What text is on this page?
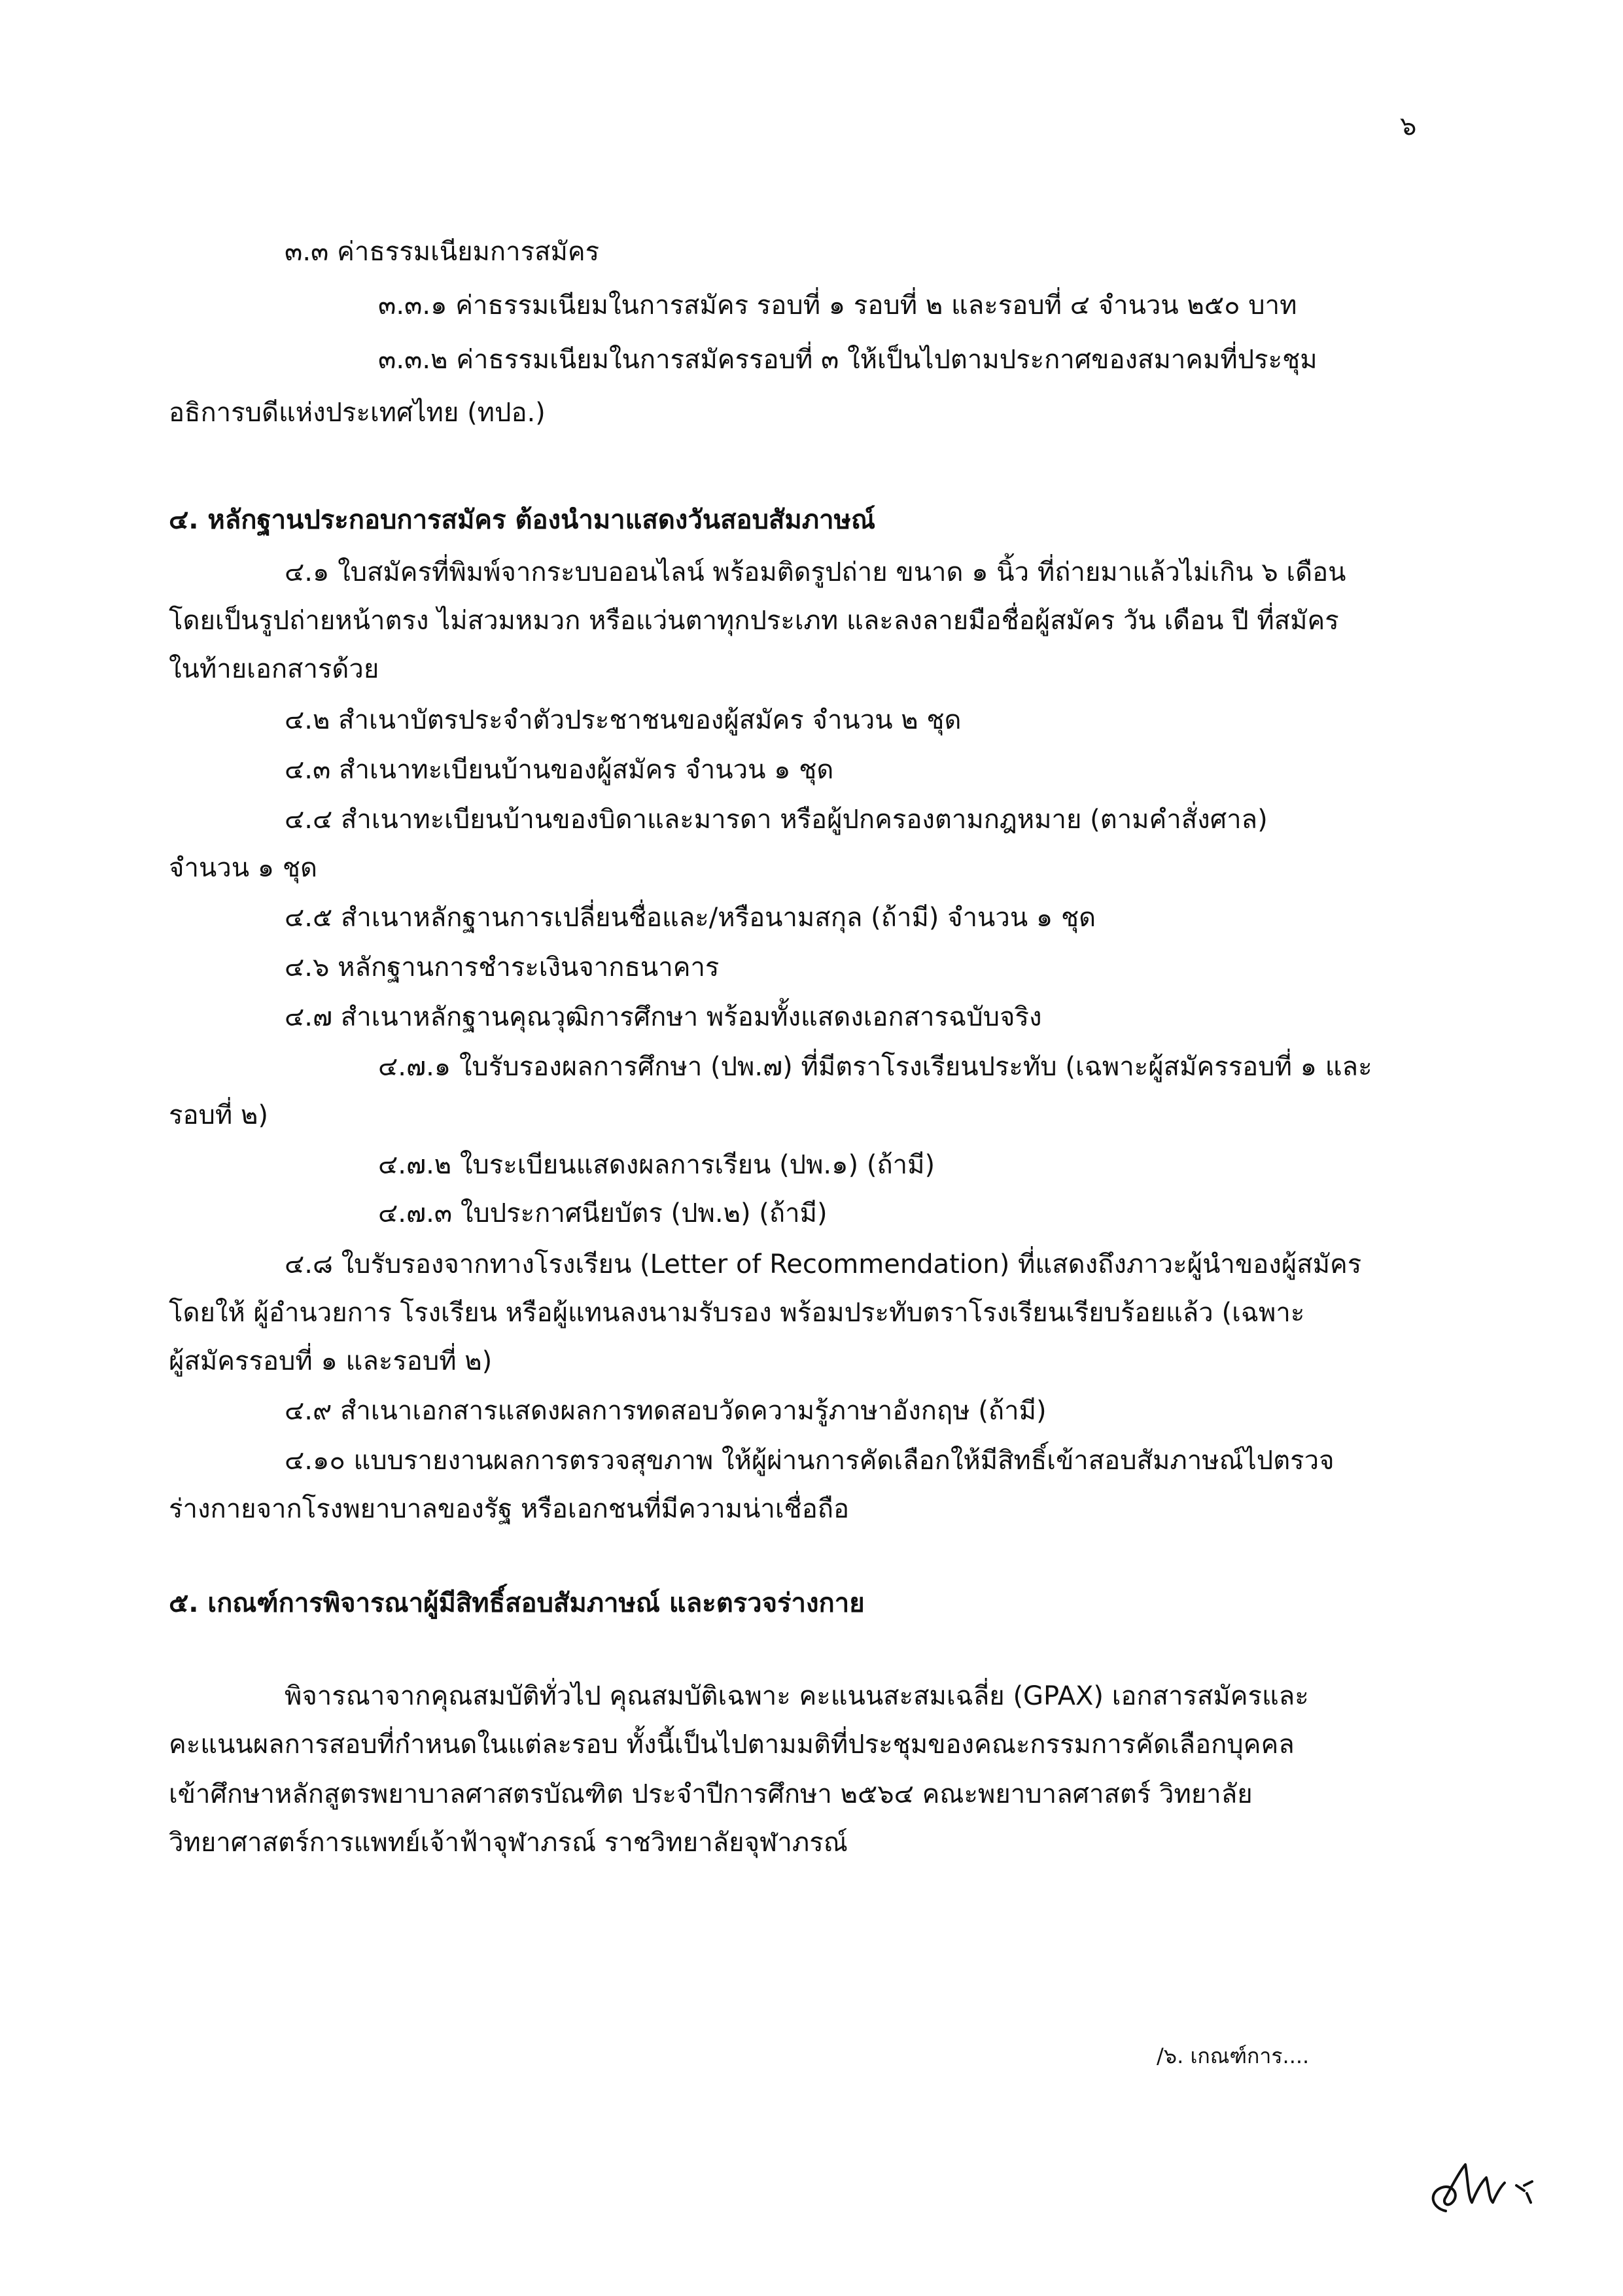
๖
๓.๓ ค่าธรรมเนียมการสมัคร
๓.๓.๑ ค่าธรรมเนียมในการสมัคร รอบที่ ๑ รอบที่ ๒ และรอบที่ ๔ จำนวน ๒๕๐ บาท
๓.๓.๒ ค่าธรรมเนียมในการสมัครรอบที่ ๓ ให้เป็นไปตามประกาศของสมาคมที่ประชุม
อธิการบดีแห่งประเทศไทย (ทปอ.)
๔. หลักฐานประกอบการสมัคร ต้องนำมาแสดงวันสอบสัมภาษณ์
๔.๑ ใบสมัครที่พิมพ์จากระบบออนไลน์ พร้อมติดรูปถ่าย ขนาด ๑ นิ้ว ที่ถ่ายมาแล้วไม่เกิน ๖ เดือน
โดยเป็นรูปถ่ายหน้าตรง ไม่สวมหมวก หรือแว่นตาทุกประเภท และลงลายมือชื่อผู้สมัคร วัน เดือน ปี ที่สมัคร
ในท้ายเอกสารด้วย
๔.๒ สำเนาบัตรประจำตัวประชาชนของผู้สมัคร จำนวน ๒ ชุด
๔.๓ สำเนาทะเบียนบ้านของผู้สมัคร จำนวน ๑ ชุด
๔.๔ สำเนาทะเบียนบ้านของบิดาและมารดา หรือผู้ปกครองตามกฎหมาย (ตามคำสั่งศาล)
จำนวน ๑ ชุด
๔.๕ สำเนาหลักฐานการเปลี่ยนชื่อและ/หรือนามสกุล (ถ้ามี) จำนวน ๑ ชุด
๔.๖ หลักฐานการชำระเงินจากธนาคาร
๔.๗ สำเนาหลักฐานคุณวุฒิการศึกษา พร้อมทั้งแสดงเอกสารฉบับจริง
๔.๗.๑ ใบรับรองผลการศึกษา (ปพ.๗) ที่มีตราโรงเรียนประทับ (เฉพาะผู้สมัครรอบที่ ๑ และ
รอบที่ ๒)
๔.๗.๒ ใบระเบียนแสดงผลการเรียน (ปพ.๑) (ถ้ามี)
๔.๗.๓ ใบประกาศนียบัตร (ปพ.๒) (ถ้ามี)
๔.๘ ใบรับรองจากทางโรงเรียน (Letter of Recommendation) ที่แสดงถึงภาวะผู้นำของผู้สมัคร
โดยให้ ผู้อำนวยการ โรงเรียน หรือผู้แทนลงนามรับรอง พร้อมประทับตราโรงเรียนเรียบร้อยแล้ว (เฉพาะ
ผู้สมัครรอบที่ ๑ และรอบที่ ๒)
๔.๙ สำเนาเอกสารแสดงผลการทดสอบวัดความรู้ภาษาอังกฤษ (ถ้ามี)
๔.๑๐ แบบรายงานผลการตรวจสุขภาพ ให้ผู้ผ่านการคัดเลือกให้มีสิทธิ์เข้าสอบสัมภาษณ์ไปตรวจ
ร่างกายจากโรงพยาบาลของรัฐ หรือเอกชนที่มีความน่าเชื่อถือ
๕. เกณฑ์การพิจารณาผู้มีสิทธิ์สอบสัมภาษณ์ และตรวจร่างกาย
พิจารณาจากคุณสมบัติทั่วไป คุณสมบัติเฉพาะ คะแนนสะสมเฉลี่ย (GPAX) เอกสารสมัครและ
คะแนนผลการสอบที่กำหนดในแต่ละรอบ ทั้งนี้เป็นไปตามมติที่ประชุมของคณะกรรมการคัดเลือกบุคคล
เข้าศึกษาหลักสูตรพยาบาลศาสตรบัณฑิต ประจำปีการศึกษา ๒๕๖๔ คณะพยาบาลศาสตร์ วิทยาลัย
วิทยาศาสตร์การแพทย์เจ้าฟ้าจุฬาภรณ์ ราชวิทยาลัยจุฬาภรณ์
/๖. เกณฑ์การ....
